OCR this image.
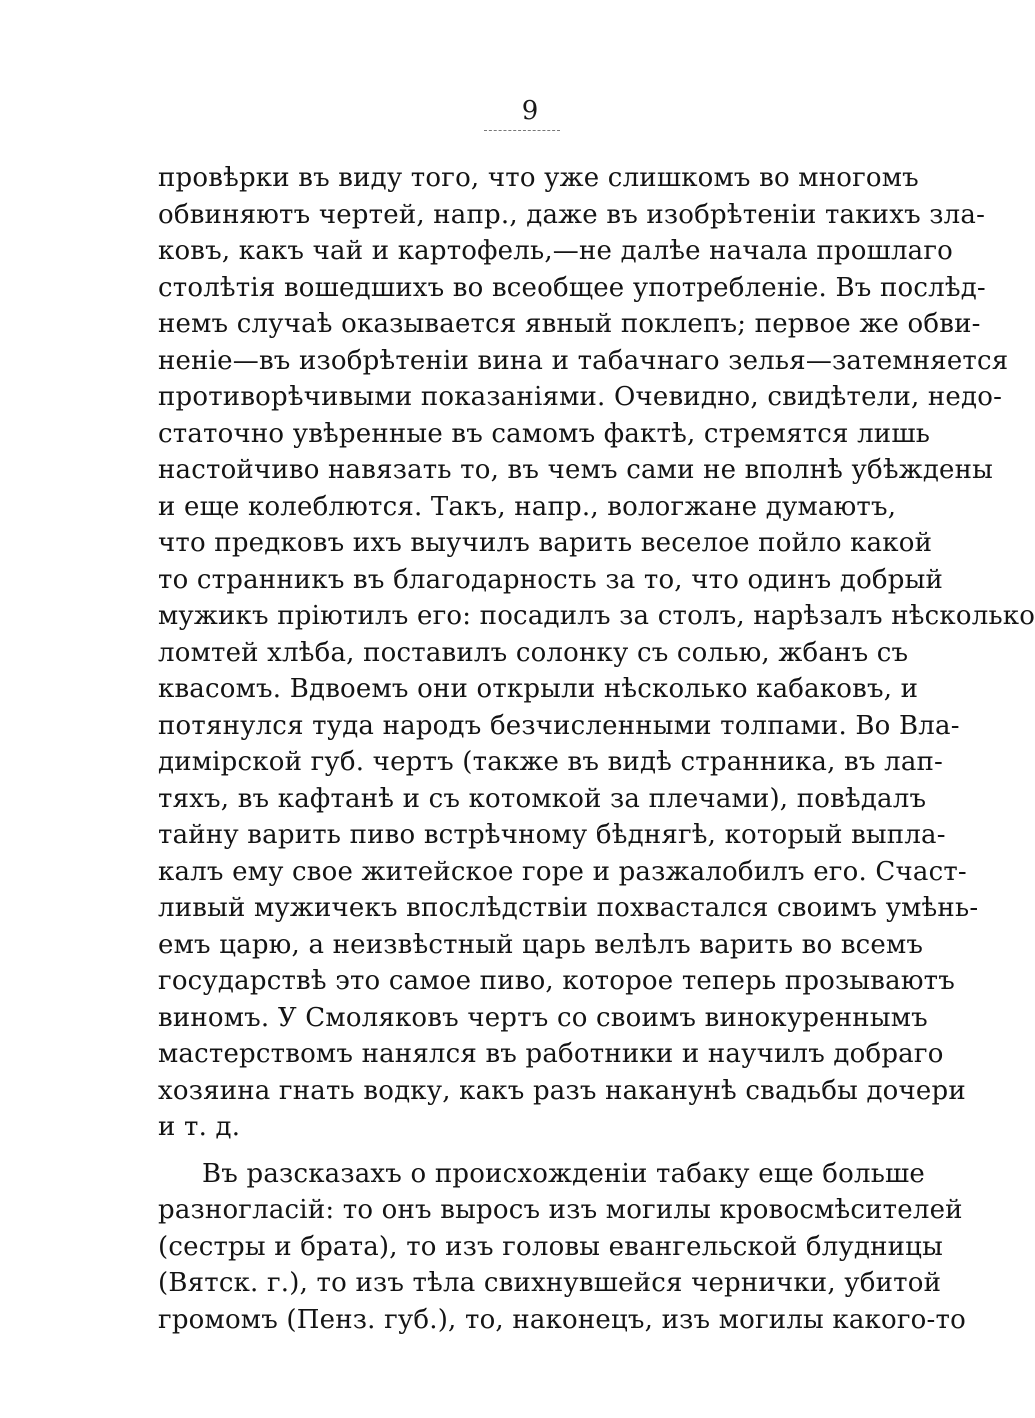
9
провѣрки въ виду того, что уже слишкомъ во многомъ
обвиняютъ чертей, напр., даже въ изобрѣтеніи такихъ зла-
ковъ, какъ чай и картофель,—не далѣе начала прошлаго
столѣтія вошедшихъ во всеобщее употребленіе. Въ послѣд-
немъ случаѣ оказывается явный поклепъ; первое же обви-
неніе—въ изобрѣтеніи вина и табачнаго зелья—затемняется
противорѣчивыми показаніями. Очевидно, свидѣтели, недо-
статочно увѣренные въ самомъ фактѣ, стремятся лишь
настойчиво навязать то, въ чемъ сами не вполнѣ убѣждены
и еще колеблются. Такъ, напр., вологжане думаютъ,
что предковъ ихъ выучилъ варить веселое пойло какой
то странникъ въ благодарность за то, что одинъ добрый
мужикъ пріютилъ его: посадилъ за столъ, нарѣзалъ нѣсколько
ломтей хлѣба, поставилъ солонку съ солью, жбанъ съ
квасомъ. Вдвоемъ они открыли нѣсколько кабаковъ, и
потянулся туда народъ безчисленными толпами. Во Вла-
димірской губ. чертъ (также въ видѣ странника, въ лап-
тяхъ, въ кафтанѣ и съ котомкой за плечами), повѣдалъ
тайну варить пиво встрѣчному бѣднягѣ, который выпла-
калъ ему свое житейское горе и разжалобилъ его. Счаст-
ливый мужичекъ впослѣдствіи похвастался своимъ умѣнь-
емъ царю, а неизвѣстный царь велѣлъ варить во всемъ
государствѣ это самое пиво, которое теперь прозываютъ
виномъ. У Смоляковъ чертъ со своимъ винокуреннымъ
мастерствомъ нанялся въ работники и научилъ добраго
хозяина гнать водку, какъ разъ наканунѣ свадьбы дочери
и т. д.
Въ разсказахъ о происхожденіи табаку еще больше
разногласій: то онъ выросъ изъ могилы кровосмѣсителей
(сестры и брата), то изъ головы евангельской блудницы
(Вятск. г.), то изъ тѣла свихнувшейся чернички, убитой
громомъ (Пенз. губ.), то, наконецъ, изъ могилы какого-то
